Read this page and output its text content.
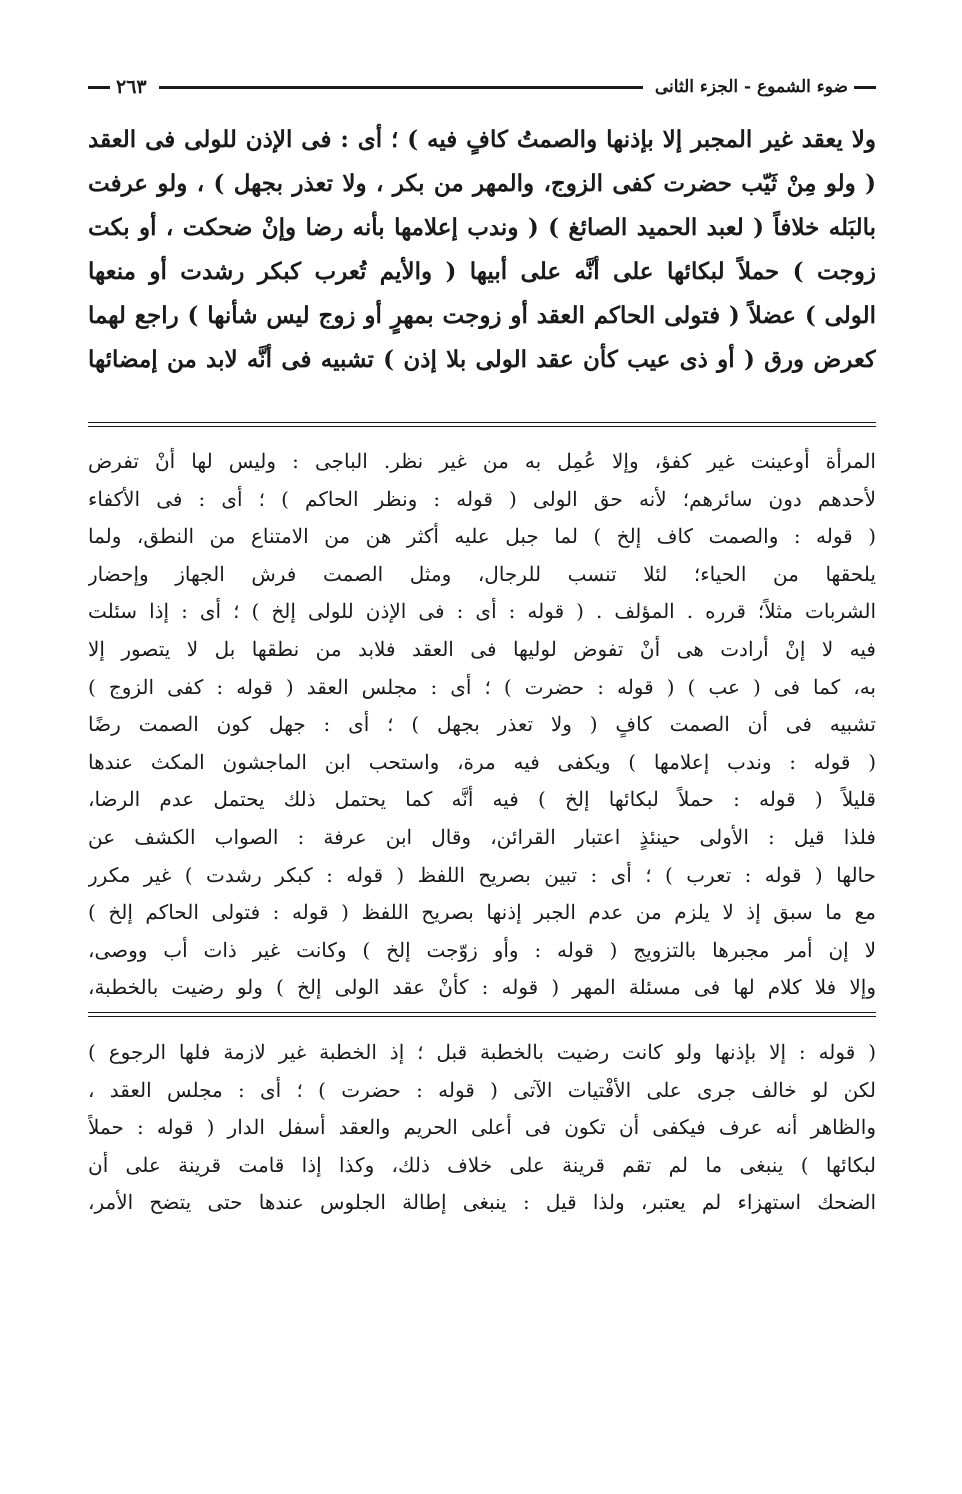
ضوء الشموع - الجزء الثانى
٢٦٣
ولا يعقد غير المجبر إلا بإذنها والصمتُ كافٍ فيه ) ؛ أى : فى الإذن للولى فى العقد
( ولو مِنْ ثَيّب حضرت كفى الزوج، والمهر من بكر ، ولا تعذر بجهل ) ، ولو عرفت
بالبَله خلافاً ( لعبد الحميد الصائغ ) ( وندب إعلامها بأنه رضا وإنْ ضحكت ، أو بكت
زوجت ) حملاً لبكائها على أنَّه على أبيها ( والأيم تُعرب كبكر رشدت أو منعها
الولى ) عضلاً ( فتولى الحاكم العقد أو زوجت بمهرٍ أو زوج ليس شأنها ) راجع لهما
كعرض ورق ( أو ذى عيب كأن عقد الولى بلا إذن ) تشبيه فى أنَّه لابد من إمضائها
المرأة أوعينت غير كفؤ، وإلا عُمِل به من غير نظر. الباجى : وليس لها أنْ تفرض
لأحدهم دون سائرهم؛ لأنه حق الولى ( قوله : ونظر الحاكم ) ؛ أى : فى الأكفاء
( قوله : والصمت كاف إلخ ) لما جبل عليه أكثر هن من الامتناع من النطق، ولما
يلحقها من الحياء؛ لئلا تنسب للرجال، ومثل الصمت فرش الجهاز وإحضار
الشربات مثلاً؛ قرره . المؤلف . ( قوله : أى : فى الإذن للولى إلخ ) ؛ أى : إذا سئلت
فيه لا إنْ أرادت هى أنْ تفوض لوليها فى العقد فلابد من نطقها بل لا يتصور إلا
به، كما فى ( عب ) ( قوله : حضرت ) ؛ أى : مجلس العقد ( قوله : كفى الزوج )
تشبيه فى أن الصمت كافٍ ( ولا تعذر بجهل ) ؛ أى : جهل كون الصمت رضًا
( قوله : وندب إعلامها ) ويكفى فيه مرة، واستحب ابن الماجشون المكث عندها
قليلاً ( قوله : حملاً لبكائها إلخ ) فيه أنَّه كما يحتمل ذلك يحتمل عدم الرضا،
فلذا قيل : الأولى حينئذٍ اعتبار القرائن، وقال ابن عرفة : الصواب الكشف عن
حالها ( قوله : تعرب ) ؛ أى : تبين بصريح اللفظ ( قوله : كبكر رشدت ) غير مكرر
مع ما سبق إذ لا يلزم من عدم الجبر إذنها بصريح اللفظ ( قوله : فتولى الحاكم إلخ )
لا إن أمر مجبرها بالتزويج ( قوله : وأو زوّجت إلخ ) وكانت غير ذات أب ووصى،
وإلا فلا كلام لها فى مسئلة المهر ( قوله : كأنْ عقد الولى إلخ ) ولو رضيت بالخطبة،
( قوله : إلا بإذنها ولو كانت رضيت بالخطبة قبل ؛ إذ الخطبة غير لازمة فلها الرجوع )
لكن لو خالف جرى على الأفْتيات الآتى ( قوله : حضرت ) ؛ أى : مجلس العقد ،
والظاهر أنه عرف فيكفى أن تكون فى أعلى الحريم والعقد أسفل الدار ( قوله : حملاً
لبكائها ) ينبغى ما لم تقم قرينة على خلاف ذلك، وكذا إذا قامت قرينة على أن
الضحك استهزاء لم يعتبر، ولذا قيل : ينبغى إطالة الجلوس عندها حتى يتضح الأمر،
